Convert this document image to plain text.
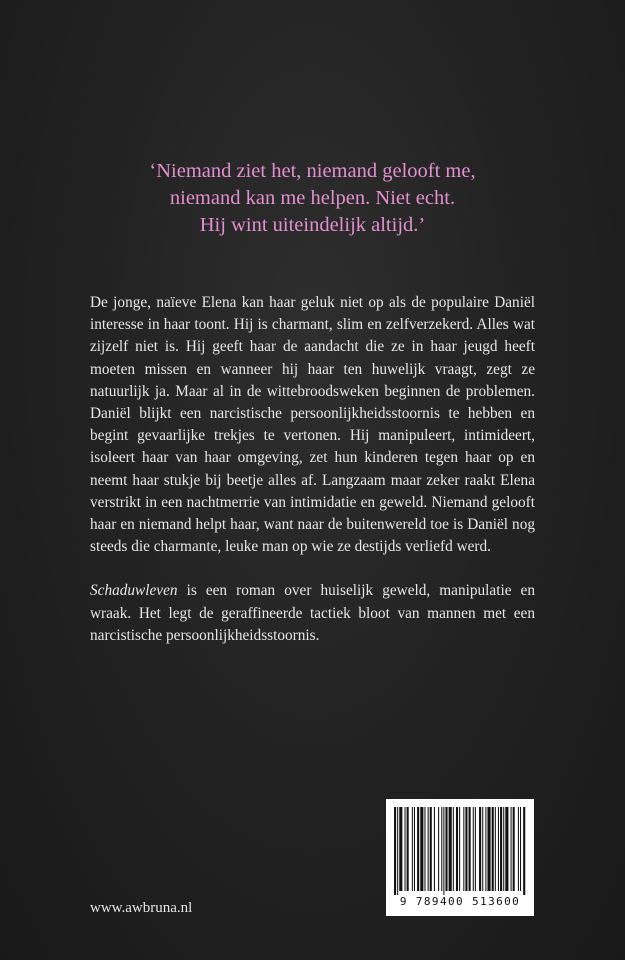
‘Niemand ziet het, niemand gelooft me,
niemand kan me helpen. Niet echt.
Hij wint uiteindelijk altijd.’

De jonge, naïeve Elena kan haar geluk niet op als de populaire Daniël interesse in haar toont. Hij is charmant, slim en zelfverzekerd. Alles wat zijzelf niet is. Hij geeft haar de aandacht die ze in haar jeugd heeft moeten missen en wanneer hij haar ten huwelijk vraagt, zegt ze natuurlijk ja. Maar al in de wittebroodsweken beginnen de problemen. Daniël blijkt een narcistische persoonlijkheidsstoornis te hebben en begint gevaarlijke trekjes te vertonen. Hij manipuleert, intimideert, isoleert haar van haar omgeving, zet hun kinderen tegen haar op en neemt haar stukje bij beetje alles af. Langzaam maar zeker raakt Elena verstrikt in een nachtmerrie van intimidatie en geweld. Niemand gelooft haar en niemand helpt haar, want naar de buitenwereld toe is Daniël nog steeds die charmante, leuke man op wie ze destijds verliefd werd.

Schaduwleven is een roman over huiselijk geweld, manipulatie en wraak. Het legt de geraffineerde tactiek bloot van mannen met een narcistische persoonlijkheidsstoornis.

9 789400 513600
www.awbruna.nl
